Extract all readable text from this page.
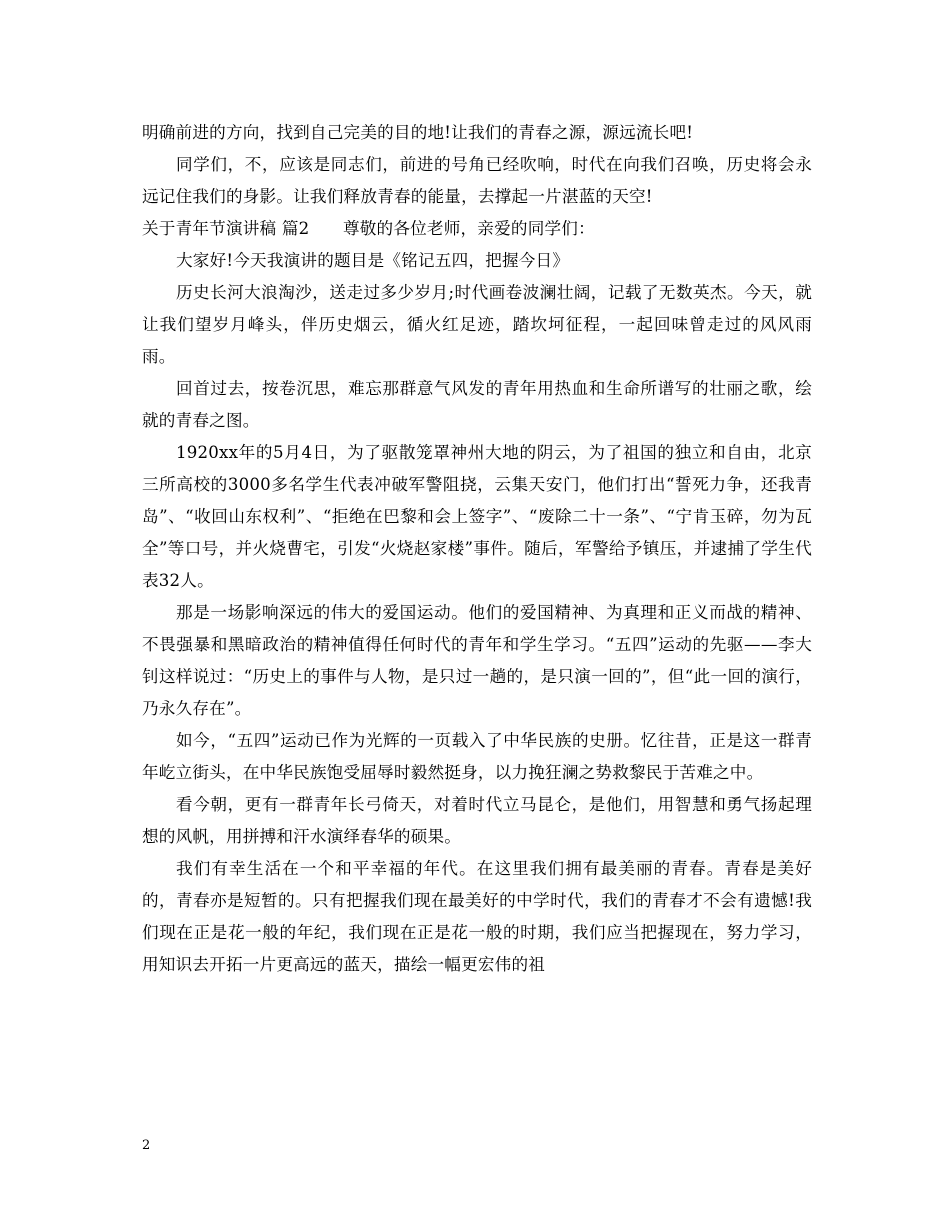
明确前进的方向，找到自己完美的目的地!让我们的青春之源，源远流长吧!

同学们，不，应该是同志们，前进的号角已经吹响，时代在向我们召唤，历史将会永远记住我们的身影。让我们释放青春的能量，去撑起一片湛蓝的天空!

关于青年节演讲稿 篇2　　尊敬的各位老师，亲爱的同学们：

大家好!今天我演讲的题目是《铭记五四，把握今日》

历史长河大浪淘沙，送走过多少岁月;时代画卷波澜壮阔，记载了无数英杰。今天，就让我们望岁月峰头，伴历史烟云，循火红足迹，踏坎坷征程，一起回味曾走过的风风雨雨。

回首过去，按卷沉思，难忘那群意气风发的青年用热血和生命所谱写的壮丽之歌，绘就的青春之图。

1920xx年的5月4日，为了驱散笼罩神州大地的阴云，为了祖国的独立和自由，北京三所高校的3000多名学生代表冲破军警阻挠，云集天安门，他们打出“誓死力争，还我青岛”、“收回山东权利”、“拒绝在巴黎和会上签字”、“废除二十一条”、“宁肯玉碎，勿为瓦全”等口号，并火烧曹宅，引发“火烧赵家楼”事件。随后，军警给予镇压，并逮捕了学生代表32人。

那是一场影响深远的伟大的爱国运动。他们的爱国精神、为真理和正义而战的精神、不畏强暴和黑暗政治的精神值得任何时代的青年和学生学习。“五四”运动的先驱——李大钊这样说过：“历史上的事件与人物，是只过一趟的，是只演一回的”，但“此一回的演行，乃永久存在”。

如今，“五四”运动已作为光辉的一页载入了中华民族的史册。忆往昔，正是这一群青年屹立街头，在中华民族饱受屈辱时毅然挺身，以力挽狂澜之势救黎民于苦难之中。

看今朝，更有一群青年长弓倚天，对着时代立马昆仑，是他们，用智慧和勇气扬起理想的风帆，用拼搏和汗水演绎春华的硕果。

我们有幸生活在一个和平幸福的年代。在这里我们拥有最美丽的青春。青春是美好的，青春亦是短暂的。只有把握我们现在最美好的中学时代，我们的青春才不会有遗憾!我们现在正是花一般的年纪，我们现在正是花一般的时期，我们应当把握现在，努力学习，用知识去开拓一片更高远的蓝天，描绘一幅更宏伟的祖

2
